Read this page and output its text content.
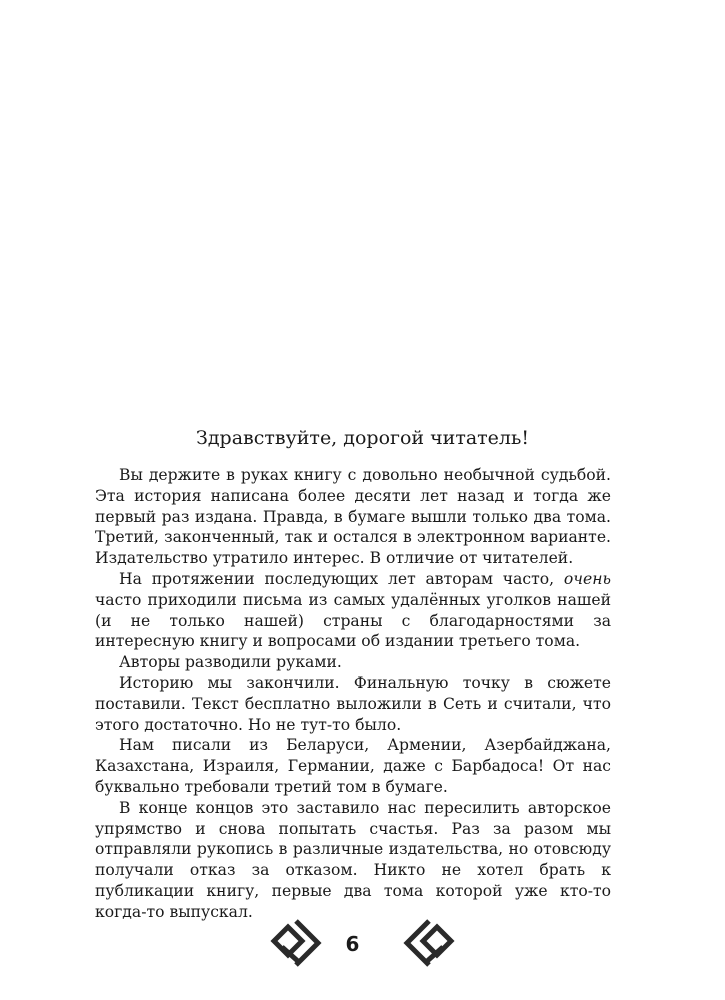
Здравствуйте, дорогой читатель!

Вы держите в руках книгу с довольно необычной судьбой. Эта история написана более десяти лет назад и тогда же первый раз издана. Правда, в бумаге вышли только два тома. Третий, законченный, так и остался в электронном варианте. Издательство утратило интерес. В отличие от читателей.

На протяжении последующих лет авторам часто, очень часто приходили письма из самых удалённых уголков нашей (и не только нашей) страны с благодарностями за интересную книгу и вопросами об издании третьего тома.

Авторы разводили руками.

Историю мы закончили. Финальную точку в сюжете поставили. Текст бесплатно выложили в Сеть и считали, что этого достаточно. Но не тут-то было.

Нам писали из Беларуси, Армении, Азербайджана, Казахстана, Израиля, Германии, даже с Барбадоса! От нас буквально требовали третий том в бумаге.

В конце концов это заставило нас пересилить авторское упрямство и снова попытать счастья. Раз за разом мы отправляли рукопись в различные издательства, но отовсюду получали отказ за отказом. Никто не хотел брать к публикации книгу, первые два тома которой уже кто-то когда-то выпускал.

6
